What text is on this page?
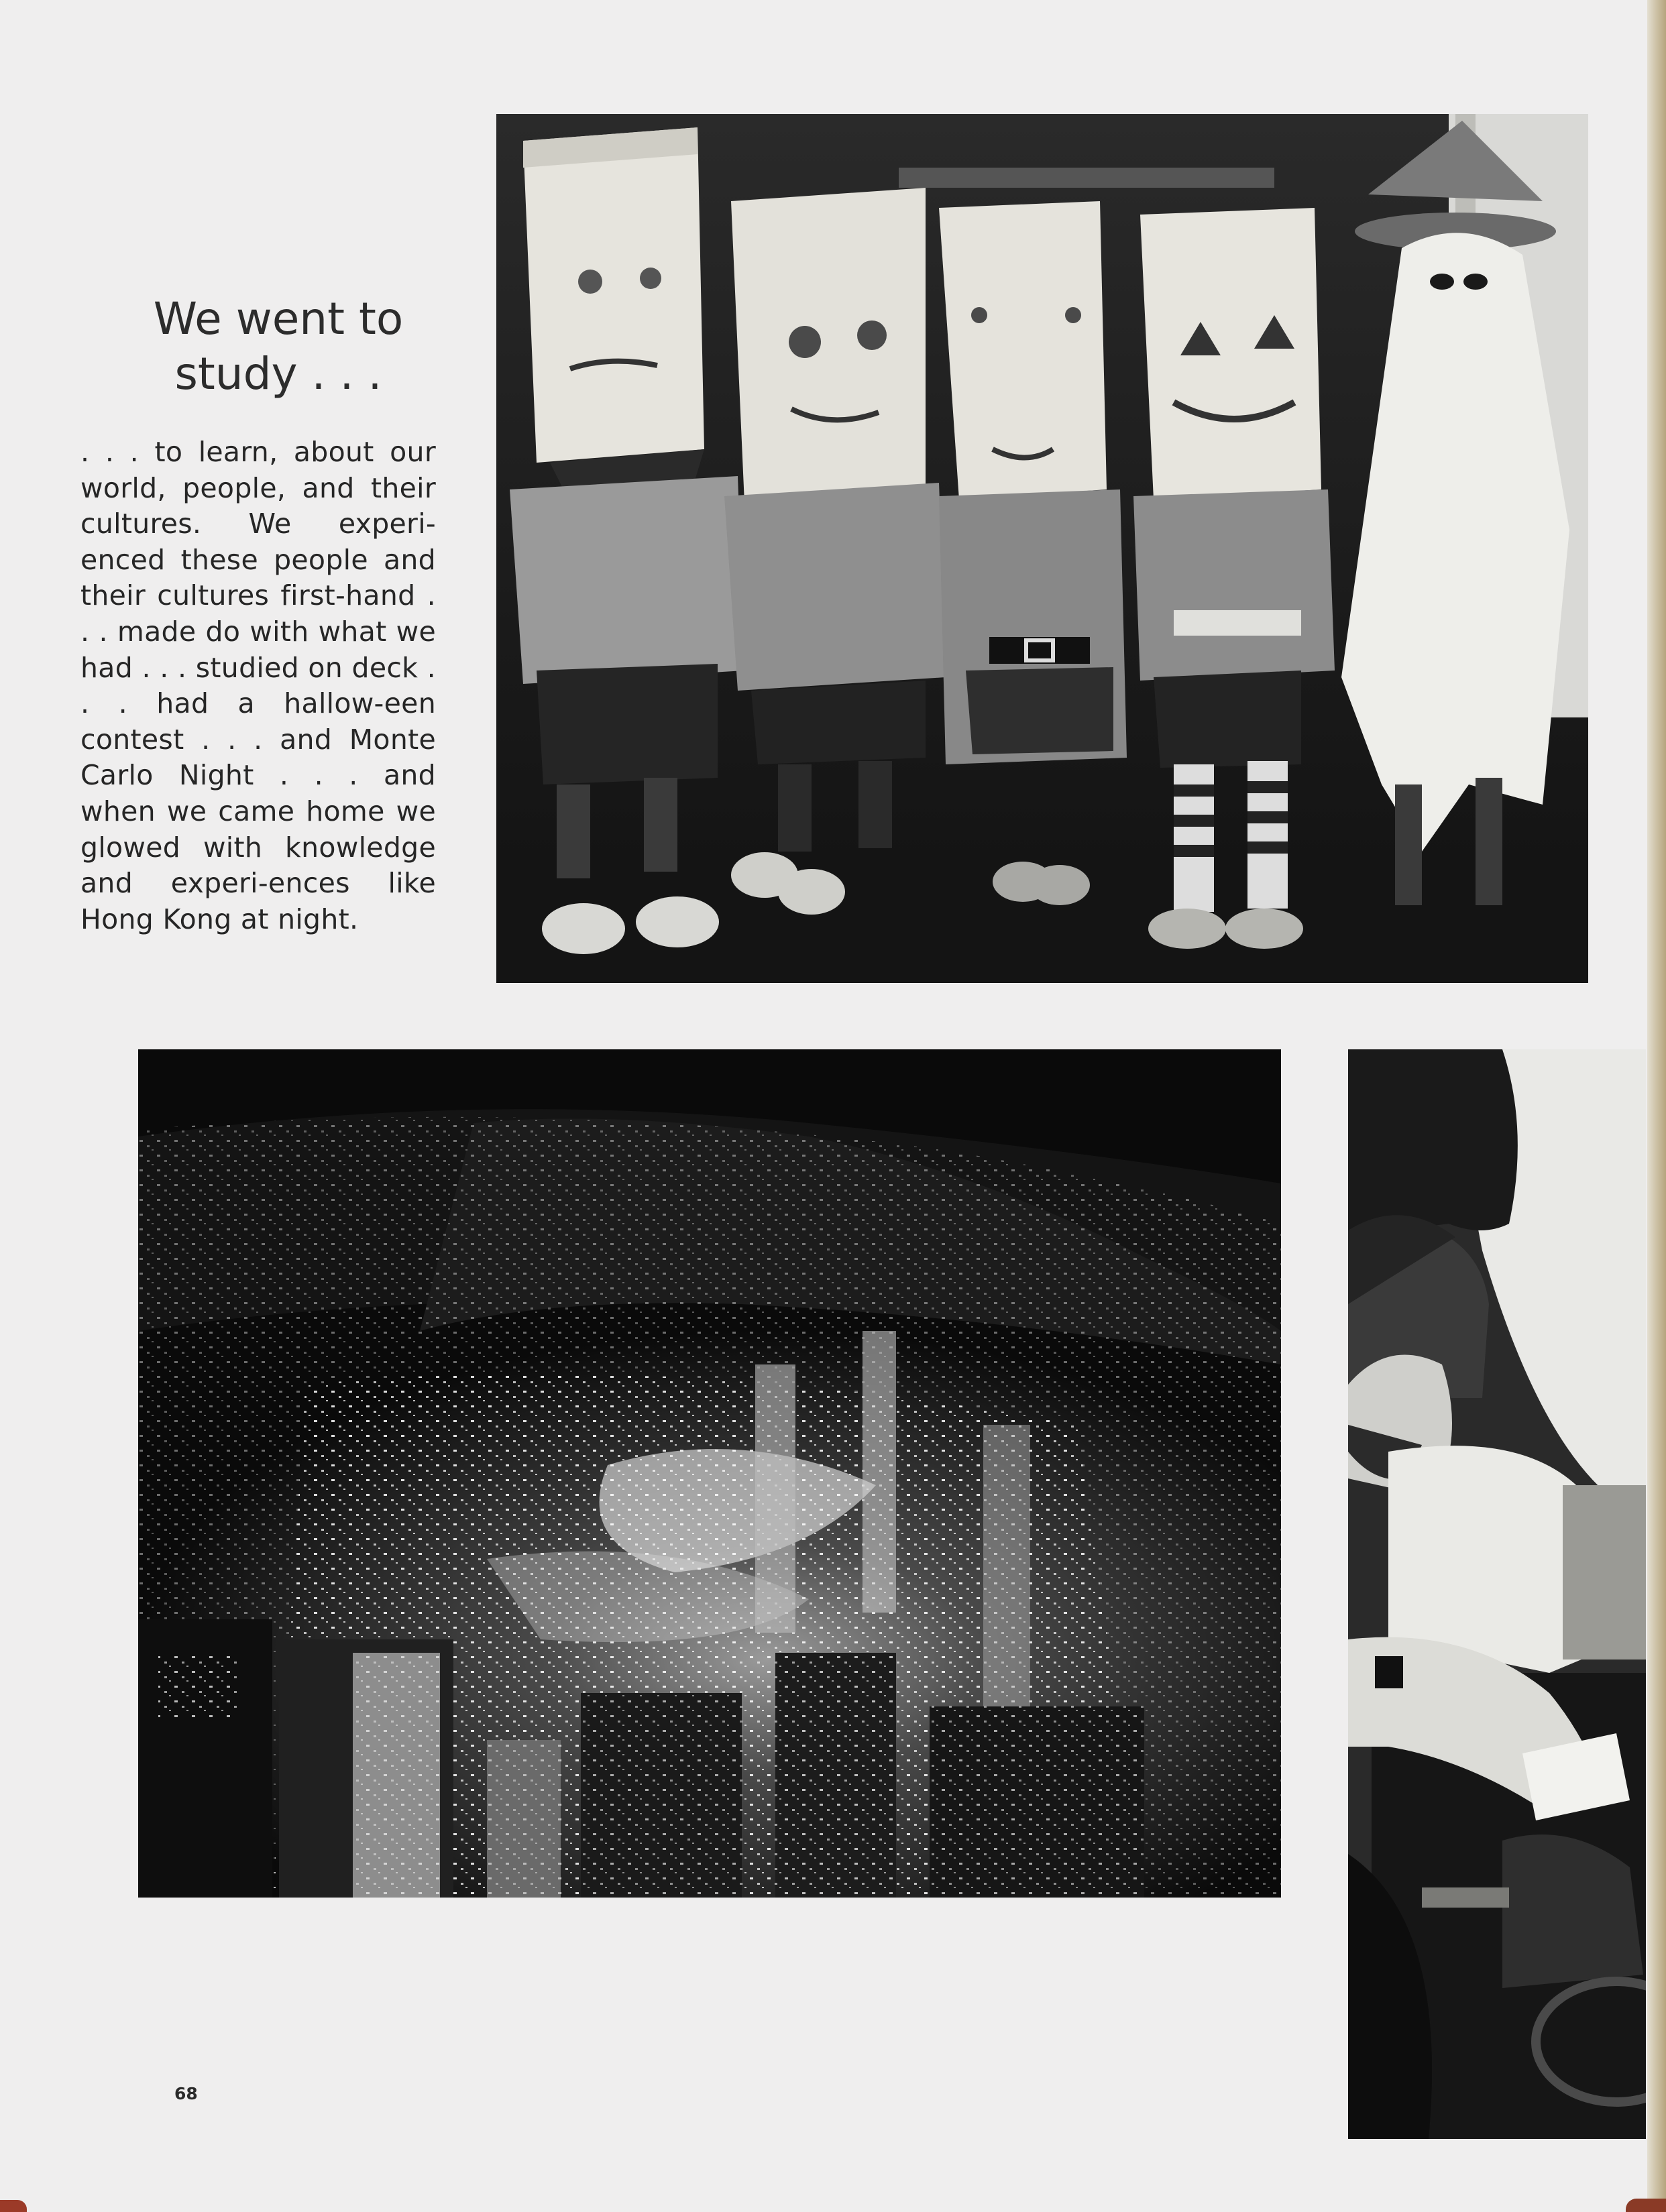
We went to study . . .

. . . to learn, about our world, people, and their cultures. We experi-enced these people and their cultures first-hand . . . made do with what we had . . . studied on deck . . . had a hallow-een contest . . . and Monte Carlo Night . . . and when we came home we glowed with knowledge and experi-ences like Hong Kong at night.

68
